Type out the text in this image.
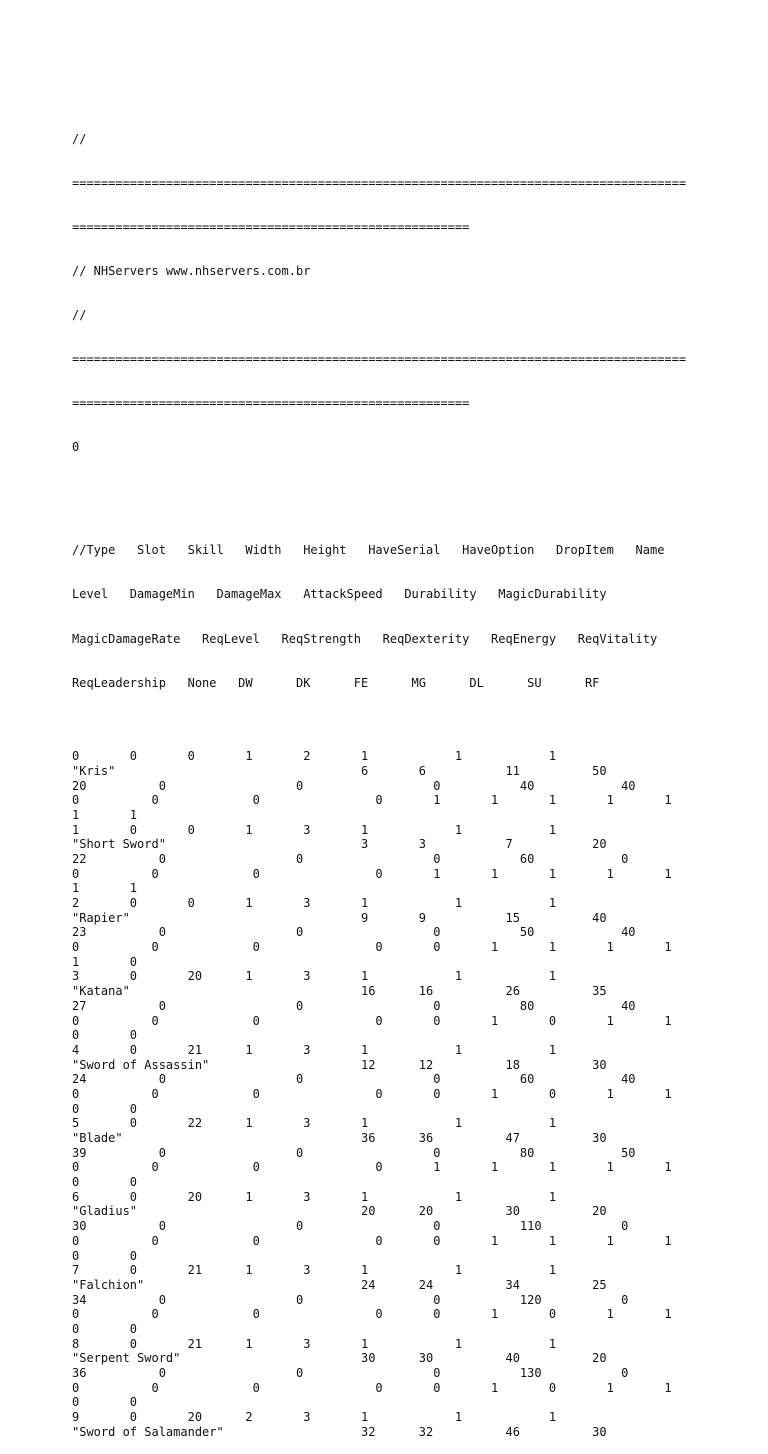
//

=====================================================================================

=======================================================

// NHServers www.nhservers.com.br

//

=====================================================================================

=======================================================

0

//Type   Slot   Skill   Width   Height   HaveSerial   HaveOption   DropItem   Name

Level   DamageMin   DamageMax   AttackSpeed   Durability   MagicDurability

MagicDamageRate   ReqLevel   ReqStrength   ReqDexterity   ReqEnergy   ReqVitality

ReqLeadership   None   DW      DK      FE      MG      DL      SU      RF

0       0       0       1       2       1            1            1
"Kris"                                  6       6           11          50
20          0                  0                  0           40            40
0          0             0                0       1       1       1       1       1
1       1
1       0       0       1       3       1            1            1
"Short Sword"                           3       3           7           20
22          0                  0                  0           60            0
0          0             0                0       1       1       1       1       1
1       1
2       0       0       1       3       1            1            1
"Rapier"                                9       9           15          40
23          0                  0                  0           50            40
0          0             0                0       0       1       1       1       1
1       0
3       0       20      1       3       1            1            1
"Katana"                                16      16          26          35
27          0                  0                  0           80            40
0          0             0                0       0       1       0       1       1
0       0
4       0       21      1       3       1            1            1
"Sword of Assassin"                     12      12          18          30
24          0                  0                  0           60            40
0          0             0                0       0       1       0       1       1
0       0
5       0       22      1       3       1            1            1
"Blade"                                 36      36          47          30
39          0                  0                  0           80            50
0          0             0                0       1       1       1       1       1
0       0
6       0       20      1       3       1            1            1
"Gladius"                               20      20          30          20
30          0                  0                  0           110           0
0          0             0                0       0       1       1       1       1
0       0
7       0       21      1       3       1            1            1
"Falchion"                              24      24          34          25
34          0                  0                  0           120           0
0          0             0                0       0       1       0       1       1
0       0
8       0       21      1       3       1            1            1
"Serpent Sword"                         30      30          40          20
36          0                  0                  0           130           0
0          0             0                0       0       1       0       1       1
0       0
9       0       20      2       3       1            1            1
"Sword of Salamander"                   32      32          46          30
